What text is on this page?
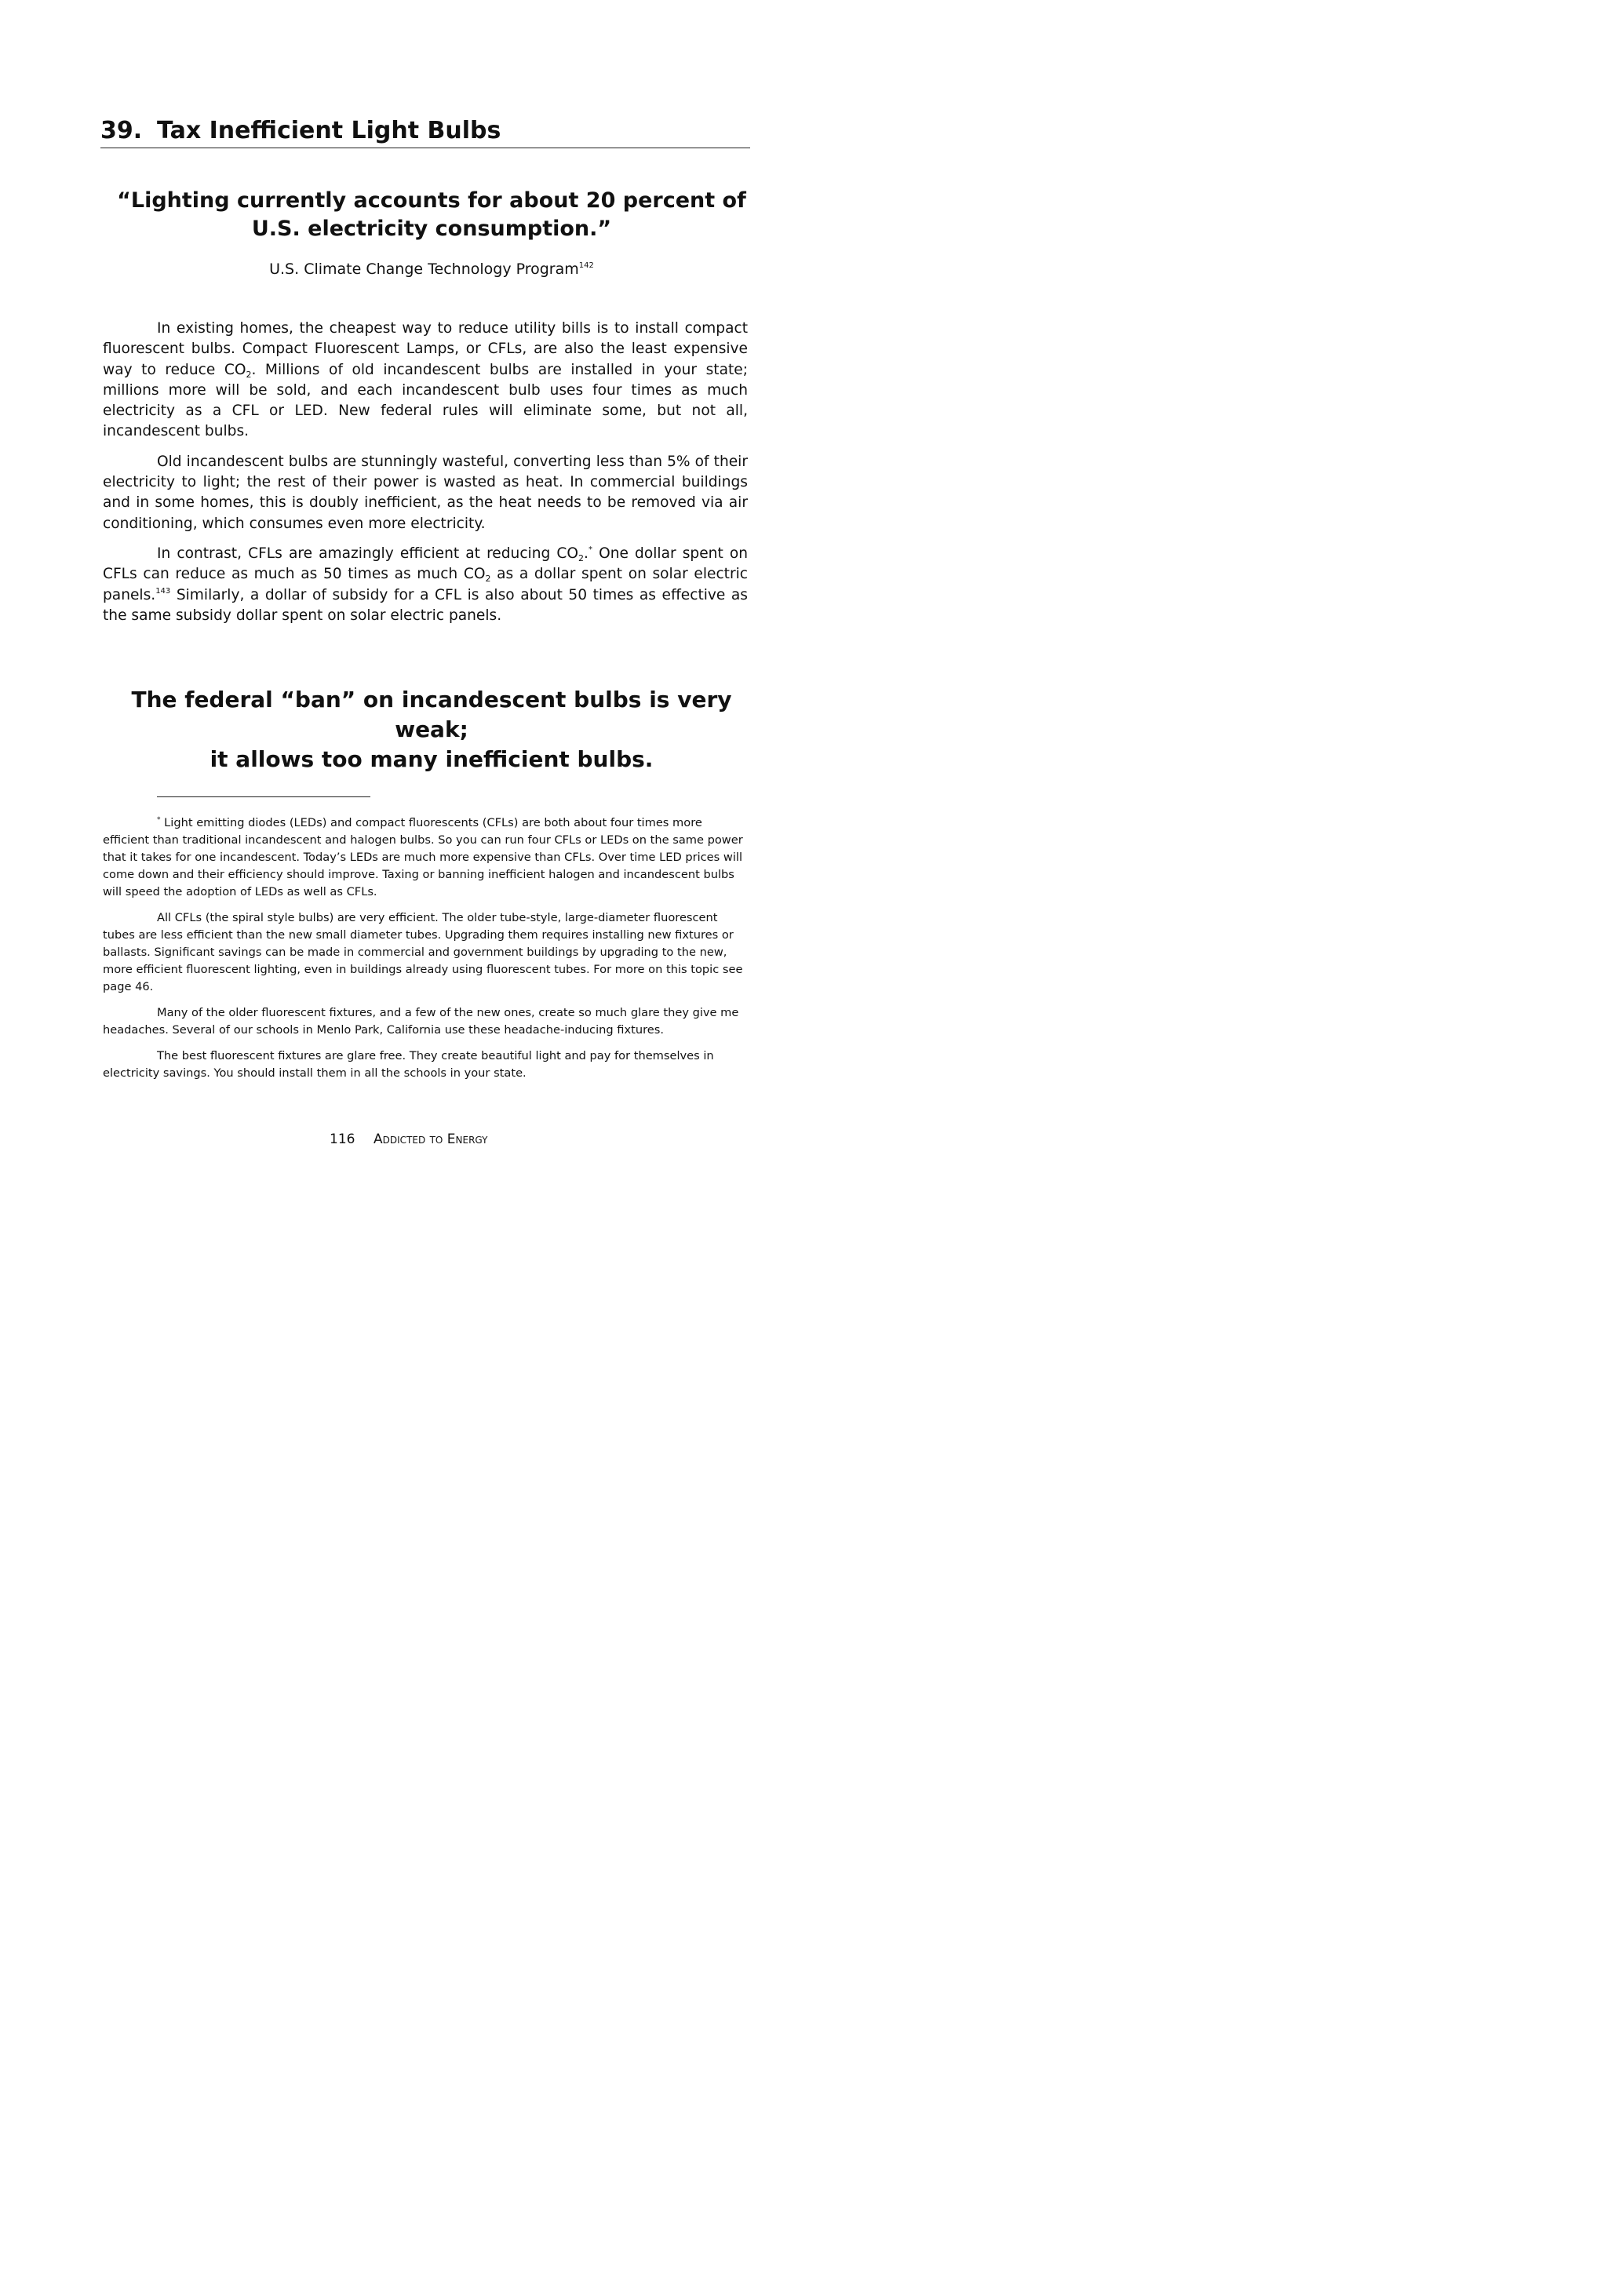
39. Tax Inefficient Light Bulbs
“Lighting currently accounts for about 20 percent of
U.S. electricity consumption.”
U.S. Climate Change Technology Program$^{142}$

In existing homes, the cheapest way to reduce utility bills is to install compact fluorescent bulbs. Compact Fluorescent Lamps, or CFLs, are also the least expensive way to reduce $CO_2$. Millions of old incandescent bulbs are installed in your state; millions more will be sold, and each incandescent bulb uses four times as much electricity as a CFL or LED. New federal rules will eliminate some, but not all, incandescent bulbs.

Old incandescent bulbs are stunningly wasteful, converting less than 5% of their electricity to light; the rest of their power is wasted as heat. In commercial buildings and in some homes, this is doubly inefficient, as the heat needs to be removed via air conditioning, which consumes even more electricity.

In contrast, CFLs are amazingly efficient at reducing $CO_2.^*$ One dollar spent on CFLs can reduce as much as 50 times as much $CO_2$ as a dollar spent on solar electric panels.$^{143}$ Similarly, a dollar of subsidy for a CFL is also about 50 times as effective as the same subsidy dollar spent on solar electric panels.

The federal “ban” on incandescent bulbs is very weak;
it allows too many inefficient bulbs.

* Light emitting diodes (LEDs) and compact fluorescents (CFLs) are both about four times more efficient than traditional incandescent and halogen bulbs. So you can run four CFLs or LEDs on the same power that it takes for one incandescent. Today’s LEDs are much more expensive than CFLs. Over time LED prices will come down and their efficiency should improve. Taxing or banning inefficient halogen and incandescent bulbs will speed the adoption of LEDs as well as CFLs.

All CFLs (the spiral style bulbs) are very efficient. The older tube-style, large-diameter fluorescent tubes are less efficient than the new small diameter tubes. Upgrading them requires installing new fixtures or ballasts. Significant savings can be made in commercial and government buildings by upgrading to the new, more efficient fluorescent lighting, even in buildings already using fluorescent tubes. For more on this topic see page 46.

Many of the older fluorescent fixtures, and a few of the new ones, create so much glare they give me headaches. Several of our schools in Menlo Park, California use these headache-inducing fixtures.

The best fluorescent fixtures are glare free. They create beautiful light and pay for themselves in electricity savings. You should install them in all the schools in your state.

116 Addicted to Energy
